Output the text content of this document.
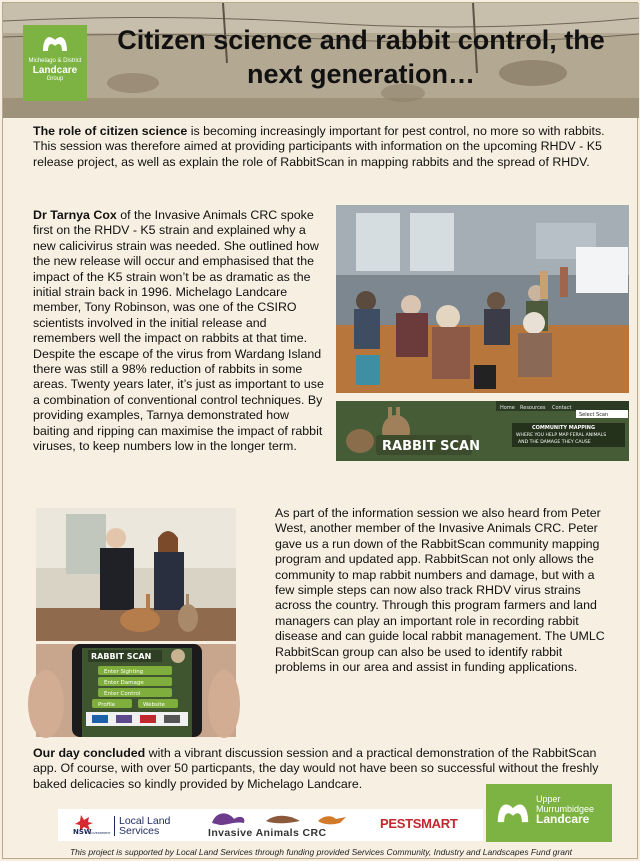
Michelago & District
Landcare
Group
Citizen science and rabbit control, the next generation…

The role of citizen science is becoming increasingly important for pest control, no more so with rabbits. This session was therefore aimed at providing participants with information on the upcoming RHDV - K5 release project, as well as explain the role of RabbitScan in mapping rabbits and the spread of RHDV.

Dr Tarnya Cox of the Invasive Animals CRC spoke first on the RHDV - K5 strain and explained why a new calicivirus strain was needed. She outlined how the new release will occur and emphasised that the impact of the K5 strain won’t be as dramatic as the initial strain back in 1996. Michelago Landcare member, Tony Robinson, was one of the CSIRO scientists involved in the initial release and remembers well the impact on rabbits at that time. Despite the escape of the virus from Wardang Island there was still a 98% reduction of rabbits in some areas. Twenty years later, it’s just as important to use a combination of conventional control techniques. By providing examples, Tarnya demonstrated how baiting and ripping can maximise the impact of rabbit viruses, to keep numbers low in the longer term.

Home Resources Contact
Select Scan
RABBIT SCAN
COMMUNITY MAPPING
WHERE YOU HELP MAP FERAL ANIMALS
AND THE DAMAGE THEY CAUSE
RABBIT SCAN
Enter Sighting
Enter Damage
Enter Control
Profile	Website

As part of the information session we also heard from Peter West, another member of the Invasive Animals CRC. Peter gave us a run down of the RabbitScan community mapping program and updated app. RabbitScan not only allows the community to map rabbit numbers and damage, but with a few simple steps can now also track RHDV virus strains across the country. Through this program farmers and land managers can play an important role in recording rabbit disease and can guide local rabbit management. The UMLC RabbitScan group can also be used to identify rabbit problems in our area and assist in funding applications.

Our day concluded with a vibrant discussion session and a practical demonstration of the RabbitScan app. Of course, with over 50 particpants, the day would not have been so successful without the freshly baked delicacies so kindly provided by Michelago Landcare.

NSW
GOVERNMENT
Local Land
Services	Invasive Animals CRC
PESTSMART
Upper
Murrumbidgee
Landcare
This project is supported by Local Land Services through funding provided Services Community, Industry and Landscapes Fund grant
